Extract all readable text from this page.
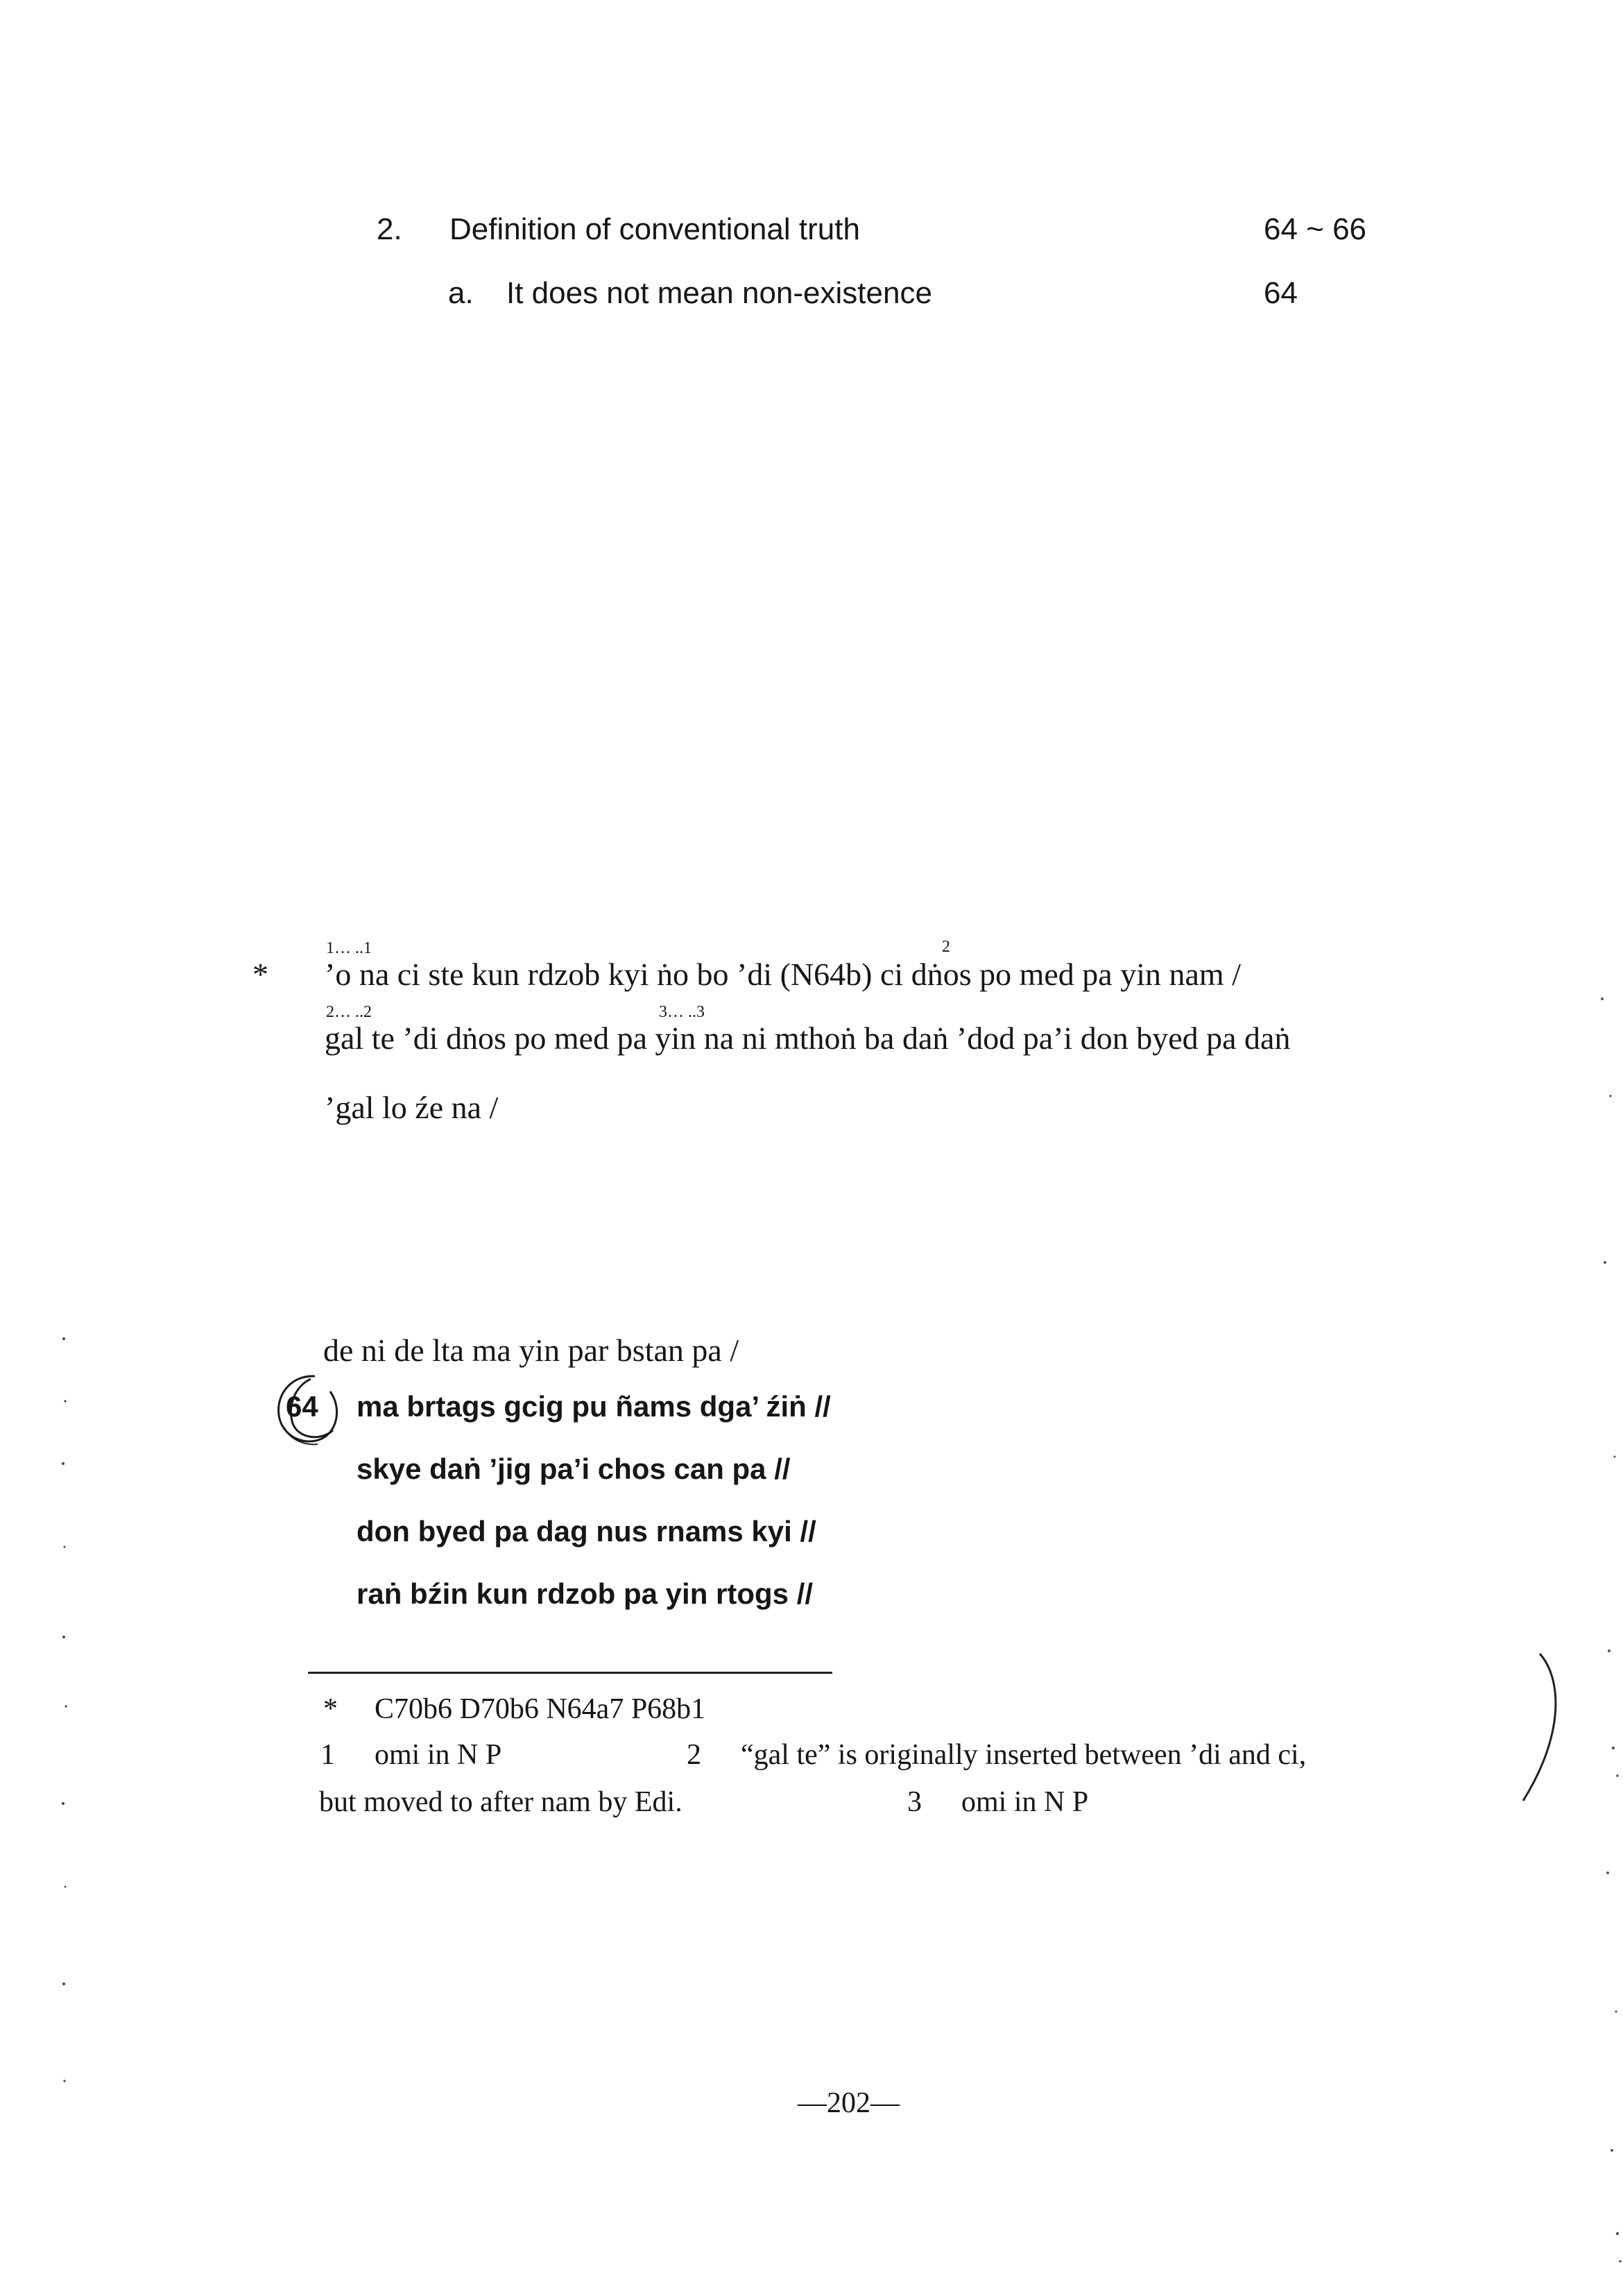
2. Definition of conventional truth	64 ~ 66
a. It does not mean non-existence	64
*
1… ..1	2
2… ..2	3… ..3
’o na ci ste kun rdzob kyi ṅo bo ’di (N64b) ci dṅos po med pa yin nam /
gal te ’di dṅos po med pa yin na ni mthoṅ ba daṅ ’dod pa’i don byed pa daṅ
’gal lo źe na /
de ni de lta ma yin par bstan pa /
64 ma brtags gcig pu ñams dga’ źiṅ //
skye daṅ ’jig pa’i chos can pa //
don byed pa dag nus rnams kyi //
raṅ bźin kun rdzob pa yin rtogs //
* C70b6 D70b6 N64a7 P68b1
1 omi in N P	2 “gal te” is originally inserted between ’di and ci,
but moved to after nam by Edi.	3 omi in N P
—202—
